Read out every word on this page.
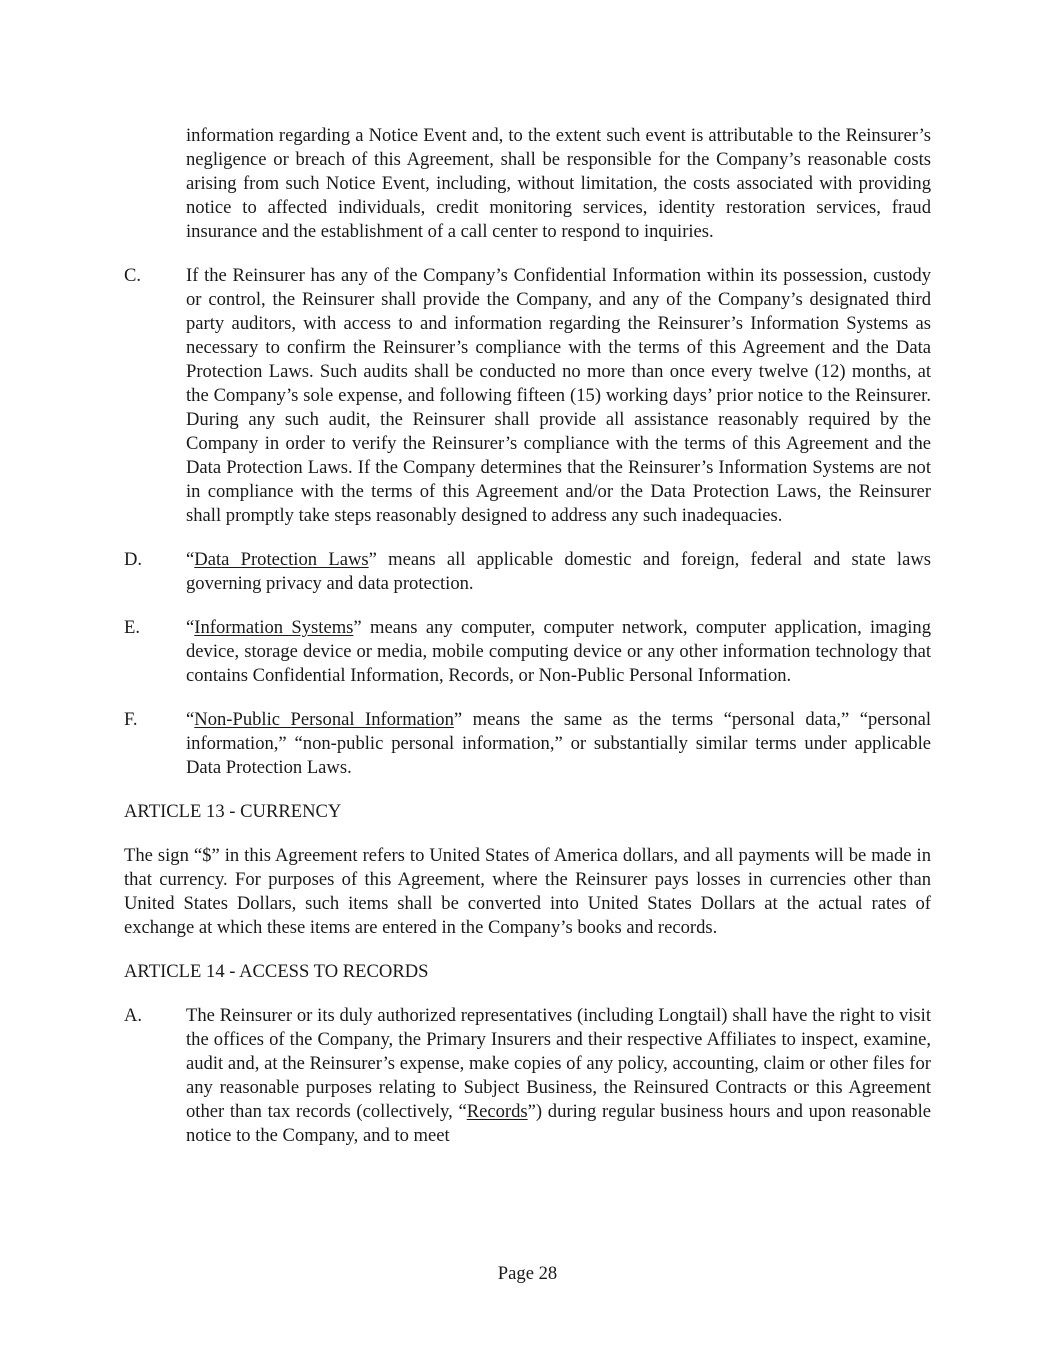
information regarding a Notice Event and, to the extent such event is attributable to the Reinsurer’s negligence or breach of this Agreement, shall be responsible for the Company’s reasonable costs arising from such Notice Event, including, without limitation, the costs associated with providing notice to affected individuals, credit monitoring services, identity restoration services, fraud insurance and the establishment of a call center to respond to inquiries.

C. If the Reinsurer has any of the Company’s Confidential Information within its possession, custody or control, the Reinsurer shall provide the Company, and any of the Company’s designated third party auditors, with access to and information regarding the Reinsurer’s Information Systems as necessary to confirm the Reinsurer’s compliance with the terms of this Agreement and the Data Protection Laws. Such audits shall be conducted no more than once every twelve (12) months, at the Company’s sole expense, and following fifteen (15) working days’ prior notice to the Reinsurer. During any such audit, the Reinsurer shall provide all assistance reasonably required by the Company in order to verify the Reinsurer’s compliance with the terms of this Agreement and the Data Protection Laws. If the Company determines that the Reinsurer’s Information Systems are not in compliance with the terms of this Agreement and/or the Data Protection Laws, the Reinsurer shall promptly take steps reasonably designed to address any such inadequacies.

D. “Data Protection Laws” means all applicable domestic and foreign, federal and state laws governing privacy and data protection.

E. “Information Systems” means any computer, computer network, computer application, imaging device, storage device or media, mobile computing device or any other information technology that contains Confidential Information, Records, or Non-Public Personal Information.

F.	“Non-Public Personal Information” means the same as the terms “personal data,” “personal information,” “non-public personal information,” or substantially similar terms under applicable Data Protection Laws.

ARTICLE 13 - CURRENCY

The sign “$” in this Agreement refers to United States of America dollars, and all payments will be made in that currency. For purposes of this Agreement, where the Reinsurer pays losses in currencies other than United States Dollars, such items shall be converted into United States Dollars at the actual rates of exchange at which these items are entered in the Company’s books and records.

ARTICLE 14 - ACCESS TO RECORDS

A. The Reinsurer or its duly authorized representatives (including Longtail) shall have the right to visit the offices of the Company, the Primary Insurers and their respective Affiliates to inspect, examine, audit and, at the Reinsurer’s expense, make copies of any policy, accounting, claim or other files for any reasonable purposes relating to Subject Business, the Reinsured Contracts or this Agreement other than tax records (collectively, “Records”) during regular business hours and upon reasonable notice to the Company, and to meet

Page 28
